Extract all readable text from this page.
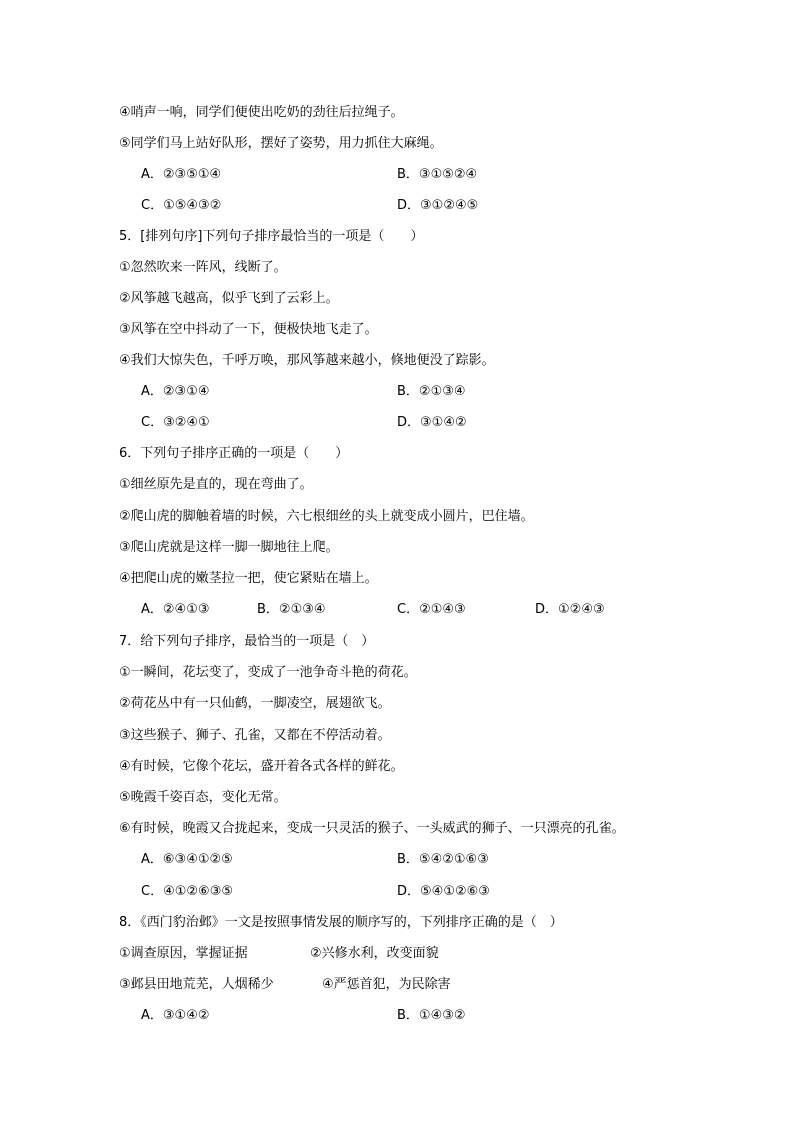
④哨声一响，同学们便使出吃奶的劲往后拉绳子。
⑤同学们马上站好队形，摆好了姿势，用力抓住大麻绳。
A．②③⑤①④	B．③①⑤②④
C．①⑤④③②	D．③①②④⑤
5．[排列句序]下列句子排序最恰当的一项是（　　）
①忽然吹来一阵风，线断了。
②风筝越飞越高，似乎飞到了云彩上。
③风筝在空中抖动了一下，便极快地飞走了。
④我们大惊失色，千呼万唤，那风筝越来越小，倏地便没了踪影。
A．②③①④	B．②①③④
C．③②④①	D．③①④②
6．下列句子排序正确的一项是（　　）
①细丝原先是直的，现在弯曲了。
②爬山虎的脚触着墙的时候，六七根细丝的头上就变成小圆片，巴住墙。
③爬山虎就是这样一脚一脚地往上爬。
④把爬山虎的嫩茎拉一把，使它紧贴在墙上。
A．②④①③	B．②①③④	C．②①④③	D．①②④③
7．给下列句子排序，最恰当的一项是（　）
①一瞬间，花坛变了，变成了一池争奇斗艳的荷花。
②荷花丛中有一只仙鹤，一脚凌空，展翅欲飞。
③这些猴子、狮子、孔雀，又都在不停活动着。
④有时候，它像个花坛，盛开着各式各样的鲜花。
⑤晚霞千姿百态，变化无常。
⑥有时候，晚霞又合拢起来，变成一只灵活的猴子、一头威武的狮子、一只漂亮的孔雀。
A．⑥③④①②⑤	B．⑤④②①⑥③
C．④①②⑥③⑤	D．⑤④①②⑥③
8．《西门豹治邺》一文是按照事情发展的顺序写的，下列排序正确的是（　）
①调查原因，掌握证据	②兴修水利，改变面貌
③邺县田地荒芜，人烟稀少	④严惩首犯，为民除害
A．③①④②	B．①④③②
